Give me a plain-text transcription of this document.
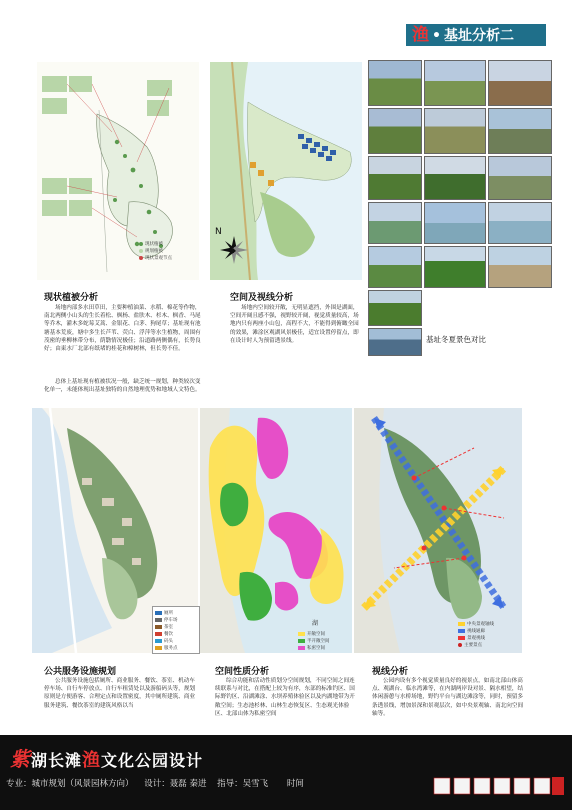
渔 • 基址分析二
现状植被
规划植被
现状景观节点
N
基址冬夏景色对比
现状植被分析
场地内部多水田草田，主要种植油菜、水稻、棉花等作物，南北两侧小山头的生长着松、枫杨、盐肤木、杉木、枫香、马尾等乔木，灌木多蛇莓艾蒿、金银花、白茅、狗尾草；基址现有池塘基本荒废，塘中多生长芦苇、荧白、浮萍等水生植物，周围有茂密的垂柳林带分布，荫翳情况极佳；沿道路两侧偶有，长势良好；由東水厂北部有纸堵的桂花和樟树林，但长势不佳。
总体上基址现有植被状况一般，缺乏统一规划，种类较次变化单一，未能体现出基址独特的自然地理优势和地域人文特色。
空间及视线分析
场地内空间较开敞，无明显遮挡，外围是湖面，空间开阔且感不强，视野较开阔，视觉质量较高，场地内只有两座小山包，高程不大，不能得到俯瞰全园的效果，滩涂区观湖风景极佳，适宜设置停留点，即在设计时人为预留透景线。
厕所
停车场
茶室
餐饮
码头
服务点
湖
开敞空间
半开敞空间
私密空间
中央景观轴线
视线通廊
景观视线
主要景点
公共服务设施规划
公共服务设施包括厕所、商业服务、餐饮、茶室、机动车停车场、自行车停放点、自行车租赁处以及游船码头等，规划原则是方便游客、合理定点和设置密度，其中厕所建筑、商业服务建筑、餐饮茶室的建筑风格以当
空间性质分析
综合功能和活动性质划分空间规划，不同空间之间连续联系与对比，在搭配上较为有序，东部的标准钓区、国际野钓区、沿湖滩涂、水坝养殖体验区以及内湖地带为开敞空间；生态池杉林、山林生态恢复区、生态观光体验区、北部山体为私密空间
视线分析
公园内设有多个视觉质量良好的视景点，如南北部山体高点、观湖台、临水湾滩等，在内湖两岸设对景、隔水相望，结体闲游憩与水桥场地，野钓平台与湖边滩涂等，同时，预留多条透景线，增加景深和景观层次，如中央景观轴、南北向空间轴等。
紫湖长滩渔文化公园设计
专业：城市规划（风景园林方向） 设计：聂磊 秦进 指导：吴雪飞 时间
